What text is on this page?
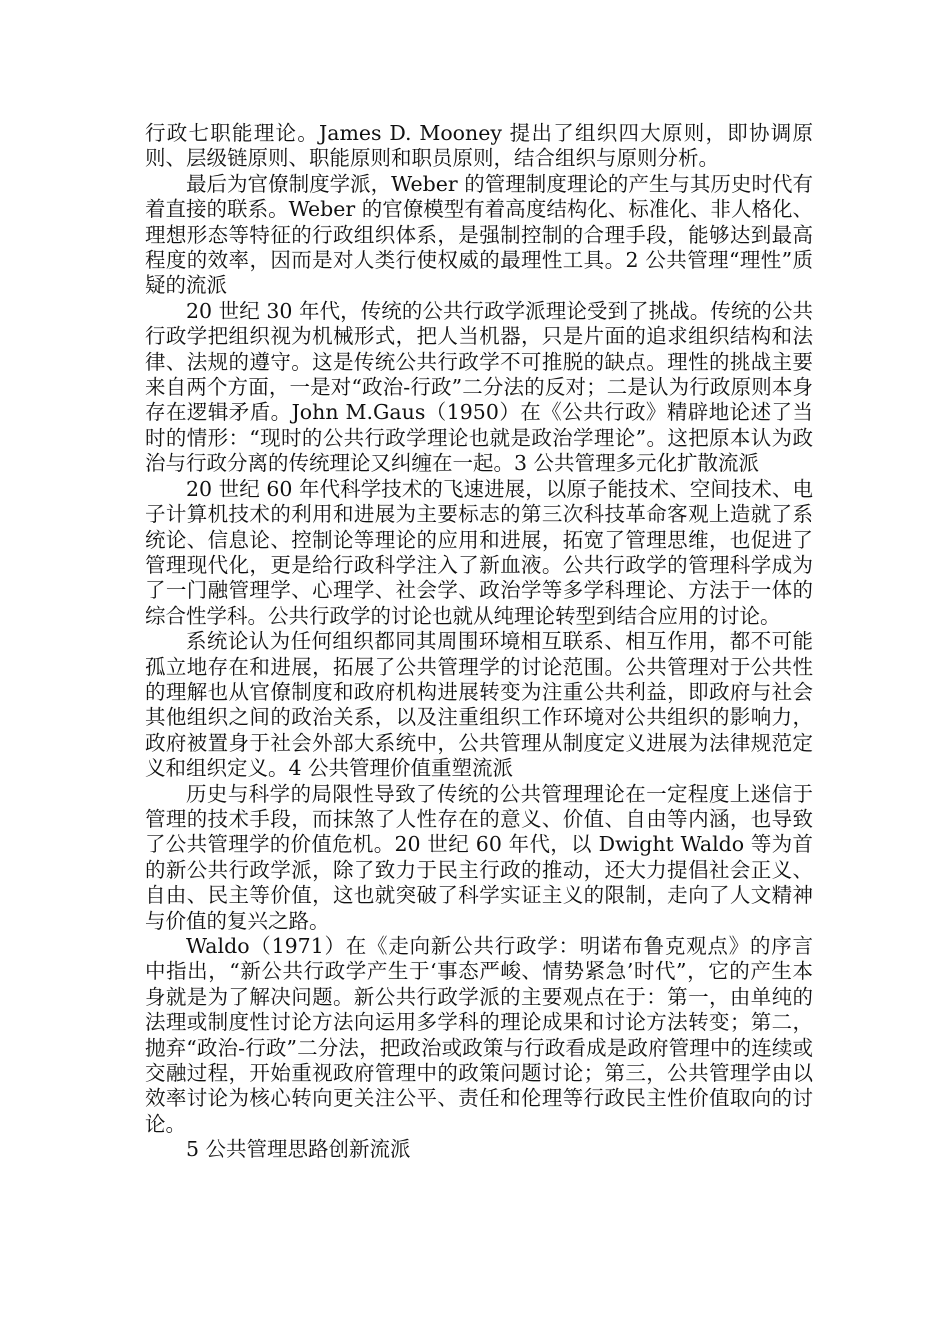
行政七职能理论。James D. Mooney 提出了组织四大原则，即协调原则、层级链原则、职能原则和职员原则，结合组织与原则分析。

最后为官僚制度学派，Weber 的管理制度理论的产生与其历史时代有着直接的联系。Weber 的官僚模型有着高度结构化、标准化、非人格化、理想形态等特征的行政组织体系，是强制控制的合理手段，能够达到最高程度的效率，因而是对人类行使权威的最理性工具。2 公共管理“理性”质疑的流派

20 世纪 30 年代，传统的公共行政学派理论受到了挑战。传统的公共行政学把组织视为机械形式，把人当机器，只是片面的追求组织结构和法律、法规的遵守。这是传统公共行政学不可推脱的缺点。理性的挑战主要来自两个方面，一是对“政治-行政”二分法的反对；二是认为行政原则本身存在逻辑矛盾。John M.Gaus（1950）在《公共行政》精辟地论述了当时的情形：“现时的公共行政学理论也就是政治学理论”。这把原本认为政治与行政分离的传统理论又纠缠在一起。3 公共管理多元化扩散流派

20 世纪 60 年代科学技术的飞速进展，以原子能技术、空间技术、电子计算机技术的利用和进展为主要标志的第三次科技革命客观上造就了系统论、信息论、控制论等理论的应用和进展，拓宽了管理思维，也促进了管理现代化，更是给行政科学注入了新血液。公共行政学的管理科学成为了一门融管理学、心理学、社会学、政治学等多学科理论、方法于一体的综合性学科。公共行政学的讨论也就从纯理论转型到结合应用的讨论。

系统论认为任何组织都同其周围环境相互联系、相互作用，都不可能孤立地存在和进展，拓展了公共管理学的讨论范围。公共管理对于公共性的理解也从官僚制度和政府机构进展转变为注重公共利益，即政府与社会其他组织之间的政治关系，以及注重组织工作环境对公共组织的影响力，政府被置身于社会外部大系统中，公共管理从制度定义进展为法律规范定义和组织定义。4 公共管理价值重塑流派

历史与科学的局限性导致了传统的公共管理理论在一定程度上迷信于管理的技术手段，而抹煞了人性存在的意义、价值、自由等内涵，也导致了公共管理学的价值危机。20 世纪 60 年代，以 Dwight Waldo 等为首的新公共行政学派，除了致力于民主行政的推动，还大力提倡社会正义、自由、民主等价值，这也就突破了科学实证主义的限制，走向了人文精神与价值的复兴之路。

Waldo（1971）在《走向新公共行政学：明诺布鲁克观点》的序言中指出，“新公共行政学产生于‘事态严峻、情势紧急’时代”，它的产生本身就是为了解决问题。新公共行政学派的主要观点在于：第一，由单纯的法理或制度性讨论方法向运用多学科的理论成果和讨论方法转变；第二，抛弃“政治-行政”二分法，把政治或政策与行政看成是政府管理中的连续或交融过程，开始重视政府管理中的政策问题讨论；第三，公共管理学由以效率讨论为核心转向更关注公平、责任和伦理等行政民主性价值取向的讨论。

5 公共管理思路创新流派
